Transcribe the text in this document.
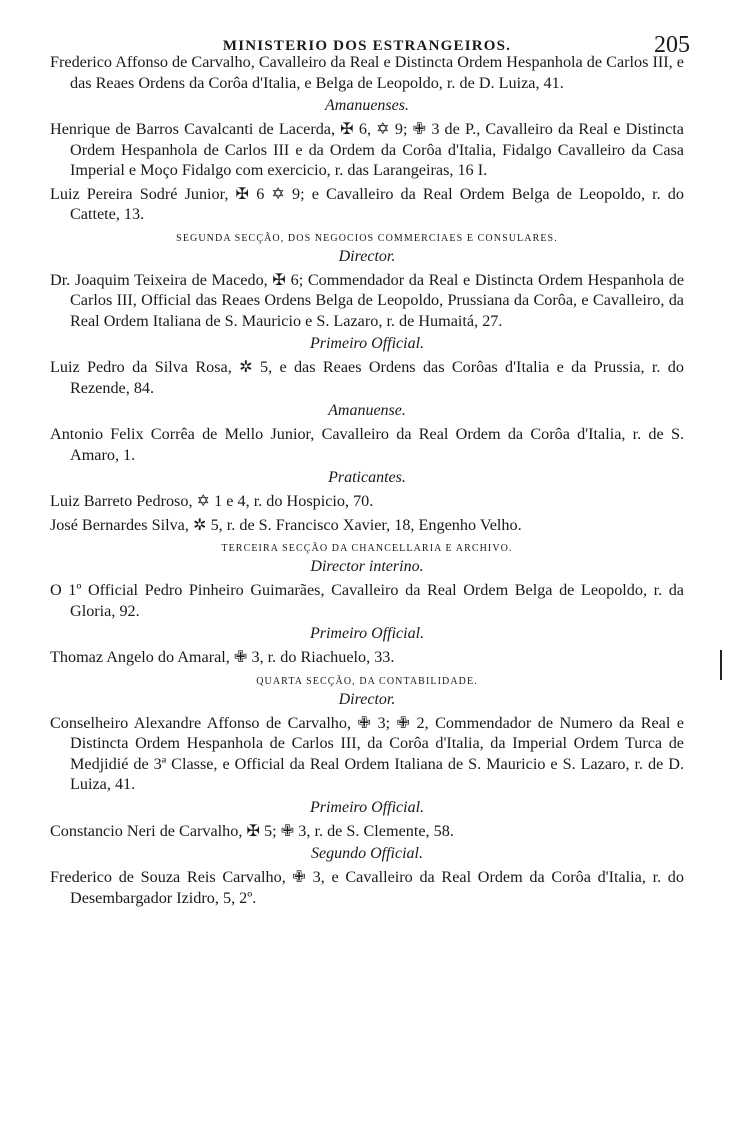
MINISTERIO DOS ESTRANGEIROS.	205

Frederico Affonso de Carvalho, Cavalleiro da Real e Distincta Ordem Hespanhola de Carlos III, e das Reaes Ordens da Corôa d'Italia, e Belga de Leopoldo, r. de D. Luiza, 41.

Amanuenses.

Henrique de Barros Cavalcanti de Lacerda, ✠ 6, ✡ 9; ✙ 3 de P., Cavalleiro da Real e Distincta Ordem Hespanhola de Carlos III e da Ordem da Corôa d'Italia, Fidalgo Cavalleiro da Casa Imperial e Moço Fidalgo com exercicio, r. das Larangeiras, 16 I.

Luiz Pereira Sodré Junior, ✠ 6 ✡ 9; e Cavalleiro da Real Ordem Belga de Leopoldo, r. do Cattete, 13.

SEGUNDA SECÇÃO, DOS NEGOCIOS COMMERCIAES E CONSULARES.
Director.

Dr. Joaquim Teixeira de Macedo, ✠ 6; Commendador da Real e Distincta Ordem Hespanhola de Carlos III, Official das Reaes Ordens Belga de Leopoldo, Prussiana da Corôa, e Cavalleiro, da Real Ordem Italiana de S. Mauricio e S. Lazaro, r. de Humaitá, 27.

Primeiro Official.

Luiz Pedro da Silva Rosa, ✲ 5, e das Reaes Ordens das Corôas d'Italia e da Prussia, r. do Rezende, 84.

Amanuense.

Antonio Felix Corrêa de Mello Junior, Cavalleiro da Real Ordem da Corôa d'Italia, r. de S. Amaro, 1.

Praticantes.

Luiz Barreto Pedroso, ✡ 1 e 4, r. do Hospicio, 70.

José Bernardes Silva, ✲ 5, r. de S. Francisco Xavier, 18, Engenho Velho.

TERCEIRA SECÇÃO DA CHANCELLARIA E ARCHIVO.
Director interino.

O 1º Official Pedro Pinheiro Guimarães, Cavalleiro da Real Ordem Belga de Leopoldo, r. da Gloria, 92.

Primeiro Official.

Thomaz Angelo do Amaral, ✙ 3, r. do Riachuelo, 33.

QUARTA SECÇÃO, DA CONTABILIDADE.
Director.

Conselheiro Alexandre Affonso de Carvalho, ✙ 3; ✙ 2, Commendador de Numero da Real e Distincta Ordem Hespanhola de Carlos III, da Corôa d'Italia, da Imperial Ordem Turca de Medjidié de 3ª Classe, e Official da Real Ordem Italiana de S. Mauricio e S. Lazaro, r. de D. Luiza, 41.

Primeiro Official.

Constancio Neri de Carvalho, ✠ 5; ✙ 3, r. de S. Clemente, 58.

Segundo Official.

Frederico de Souza Reis Carvalho, ✙ 3, e Cavalleiro da Real Ordem da Corôa d'Italia, r. do Desembargador Izidro, 5, 2º.
